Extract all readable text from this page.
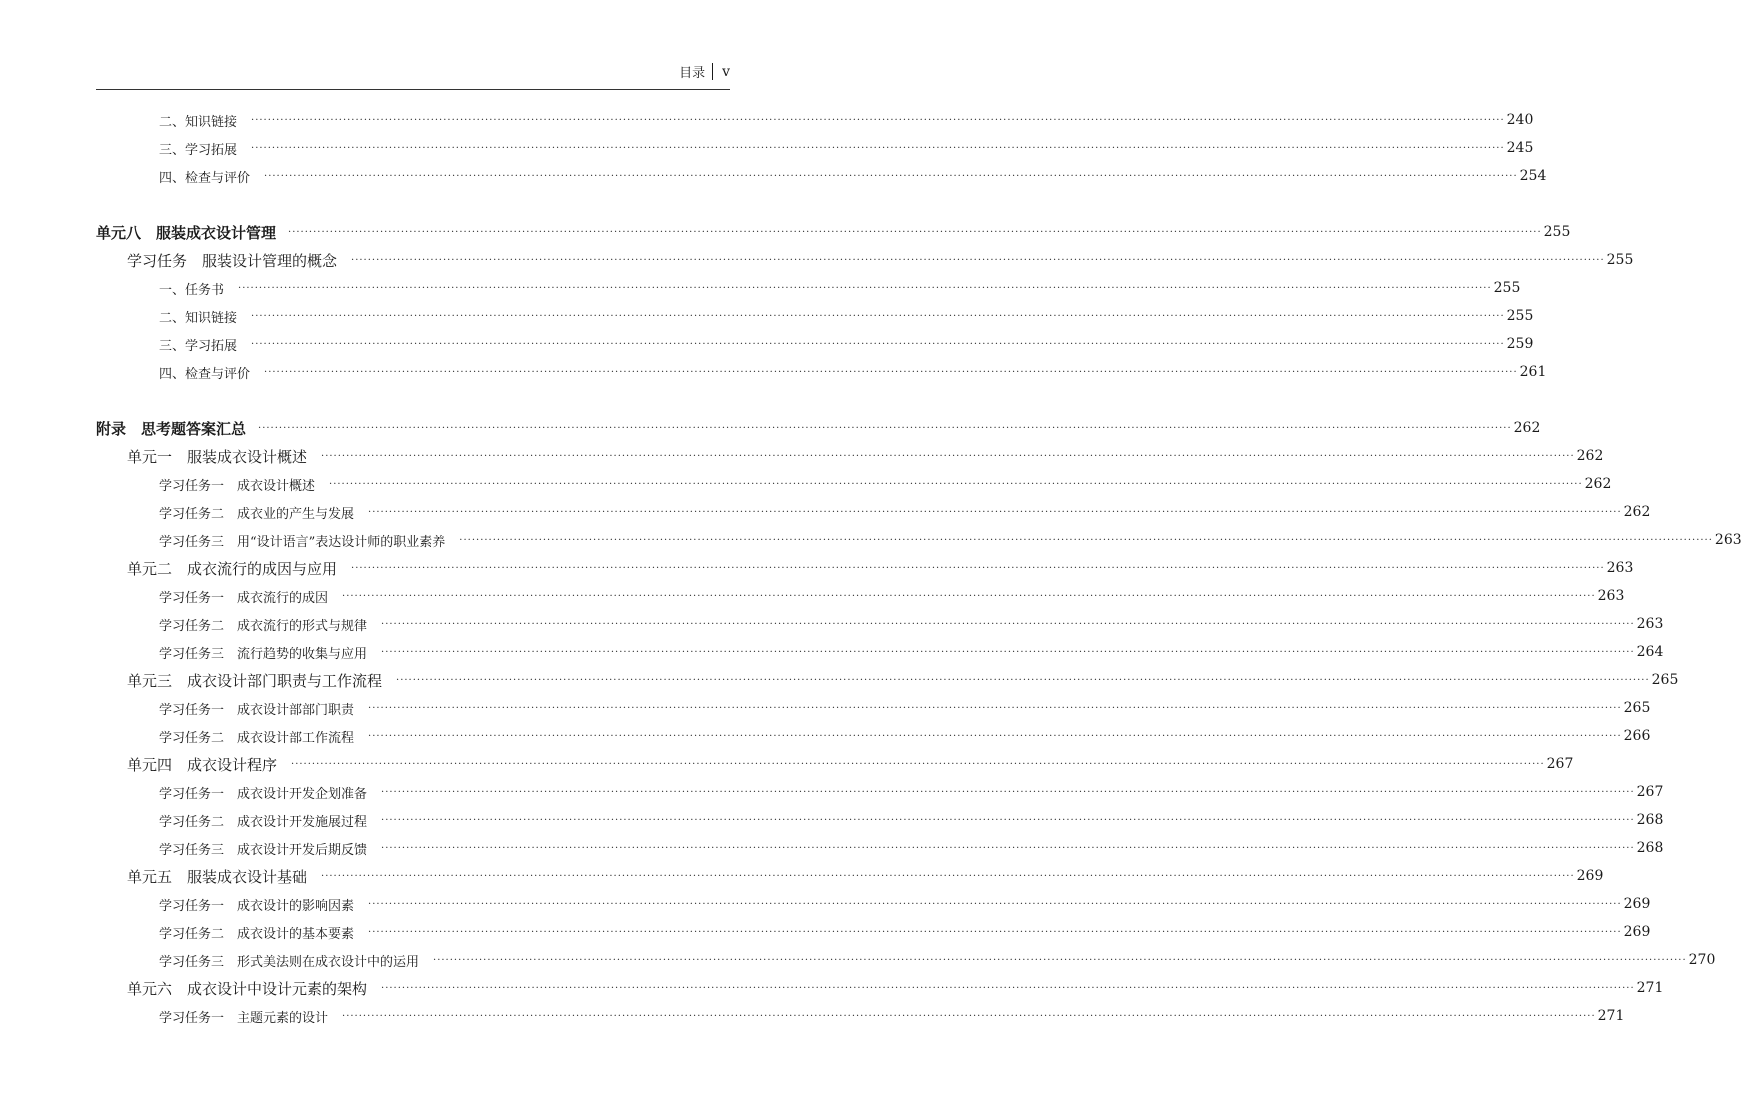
目录 v
二、知识链接 ············································································································································································································································································································ 240
三、学习拓展 ············································································································································································································································································································ 245
四、检查与评价 ············································································································································································································································································································ 254
单元八　服装成衣设计管理 ············································································································································································································································································································ 255
学习任务　服装设计管理的概念 ············································································································································································································································································································ 255
一、任务书 ············································································································································································································································································································ 255
二、知识链接 ············································································································································································································································································································ 255
三、学习拓展 ············································································································································································································································································································ 259
四、检查与评价 ············································································································································································································································································································ 261
附录　思考题答案汇总 ············································································································································································································································································································ 262
单元一　服装成衣设计概述 ············································································································································································································································································································ 262
学习任务一　成衣设计概述 ············································································································································································································································································································ 262
学习任务二　成衣业的产生与发展 ············································································································································································································································································································ 262
学习任务三　用“设计语言”表达设计师的职业素养 ············································································································································································································································································································ 263
单元二　成衣流行的成因与应用 ············································································································································································································································································································ 263
学习任务一　成衣流行的成因 ············································································································································································································································································································ 263
学习任务二　成衣流行的形式与规律 ············································································································································································································································································································ 263
学习任务三　流行趋势的收集与应用 ············································································································································································································································································································ 264
单元三　成衣设计部门职责与工作流程 ············································································································································································································································································································ 265
学习任务一　成衣设计部部门职责 ············································································································································································································································································································ 265
学习任务二　成衣设计部工作流程 ············································································································································································································································································································ 266
单元四　成衣设计程序 ············································································································································································································································································································ 267
学习任务一　成衣设计开发企划准备 ············································································································································································································································································································ 267
学习任务二　成衣设计开发施展过程 ············································································································································································································································································································ 268
学习任务三　成衣设计开发后期反馈 ············································································································································································································································································································ 268
单元五　服装成衣设计基础 ············································································································································································································································································································ 269
学习任务一　成衣设计的影响因素 ············································································································································································································································································································ 269
学习任务二　成衣设计的基本要素 ············································································································································································································································································································ 269
学习任务三　形式美法则在成衣设计中的运用 ············································································································································································································································································································ 270
单元六　成衣设计中设计元素的架构 ············································································································································································································································································································ 271
学习任务一　主题元素的设计 ············································································································································································································································································································ 271
